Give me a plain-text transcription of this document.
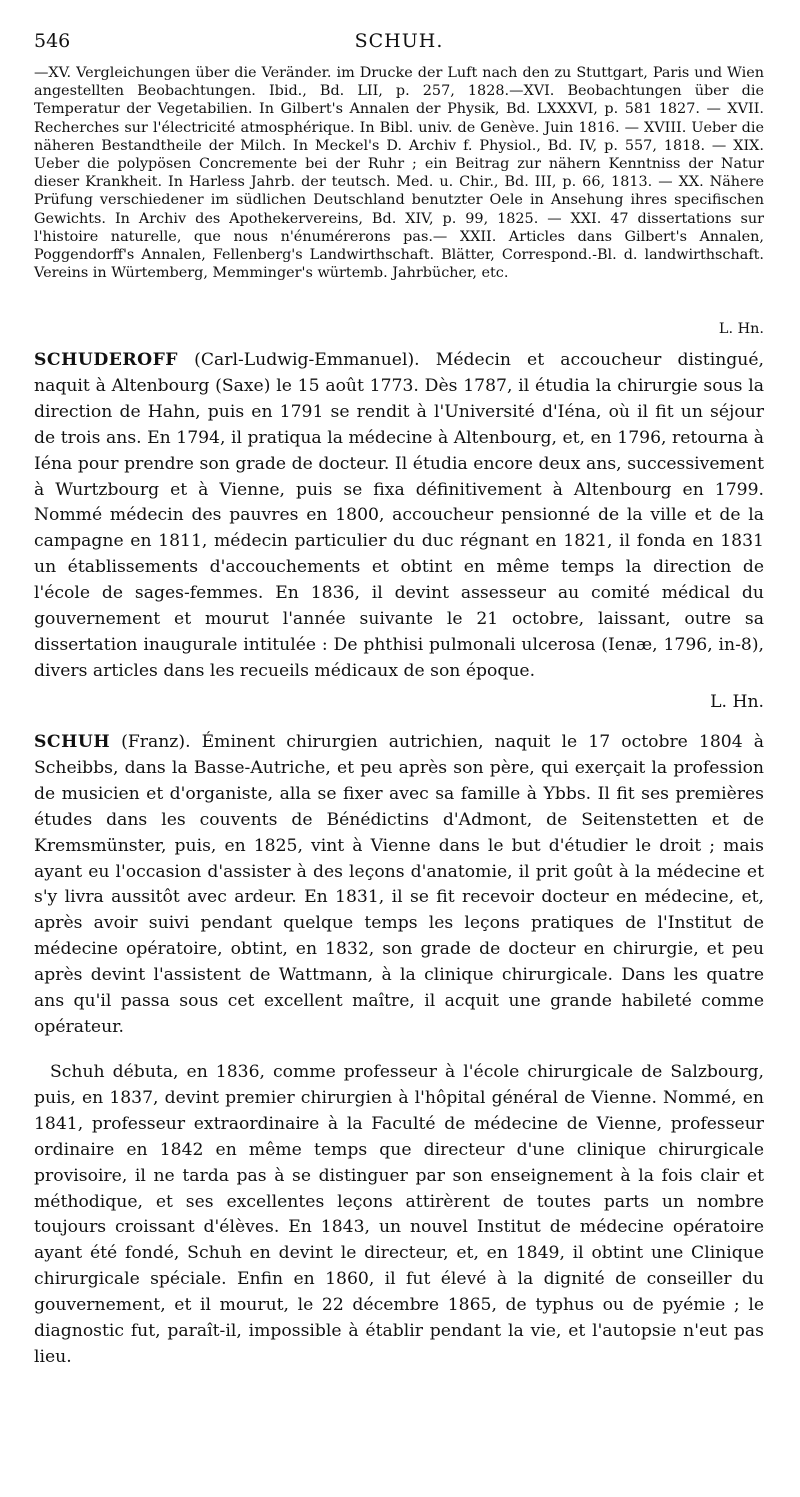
546	SCHUH.
—XV. Vergleichungen über die Veränder. im Drucke der Luft nach den zu Stuttgart, Paris und Wien angestellten Beobachtungen. Ibid., Bd. LII, p. 257, 1828.—XVI. Beobachtungen über die Temperatur der Vegetabilien. In Gilbert's Annalen der Physik, Bd. LXXXVI, p. 581 1827. — XVII. Recherches sur l'électricité atmosphérique. In Bibl. univ. de Genève. Juin 1816. — XVIII. Ueber die näheren Bestandtheile der Milch. In Meckel's D. Archiv f. Physiol., Bd. IV, p. 557, 1818. — XIX. Ueber die polypösen Concremente bei der Ruhr ; ein Beitrag zur nähern Kenntniss der Natur dieser Krankheit. In Harless Jahrb. der teutsch. Med. u. Chir., Bd. III, p. 66, 1813. — XX. Nähere Prüfung verschiedener im südlichen Deutschland benutzter Oele in Ansehung ihres specifischen Gewichts. In Archiv des Apothekervereins, Bd. XIV, p. 99, 1825. — XXI. 47 dissertations sur l'histoire naturelle, que nous n'énumérerons pas.— XXII. Articles dans Gilbert's Annalen, Poggendorff's Annalen, Fellenberg's Landwirthschaft. Blätter, Correspond.-Bl. d. landwirthschaft. Vereins in Würtemberg, Memminger's würtemb. Jahrbücher, etc.
L. Hn.
SCHUDEROFF (Carl-Ludwig-Emmanuel). Médecin et accoucheur distingué, naquit à Altenbourg (Saxe) le 15 août 1773. Dès 1787, il étudia la chirurgie sous la direction de Hahn, puis en 1791 se rendit à l'Université d'Iéna, où il fit un séjour de trois ans. En 1794, il pratiqua la médecine à Altenbourg, et, en 1796, retourna à Iéna pour prendre son grade de docteur. Il étudia encore deux ans, successivement à Wurtzbourg et à Vienne, puis se fixa définitivement à Altenbourg en 1799. Nommé médecin des pauvres en 1800, accoucheur pensionné de la ville et de la campagne en 1811, médecin particulier du duc régnant en 1821, il fonda en 1831 un établissements d'accouchements et obtint en même temps la direction de l'école de sages-femmes. En 1836, il devint assesseur au comité médical du gouvernement et mourut l'année suivante le 21 octobre, laissant, outre sa dissertation inaugurale intitulée : De phthisi pulmonali ulcerosa (Ienæ, 1796, in-8), divers articles dans les recueils médicaux de son époque.
L. Hn.
SCHUH (Franz). Éminent chirurgien autrichien, naquit le 17 octobre 1804 à Scheibbs, dans la Basse-Autriche, et peu après son père, qui exerçait la profession de musicien et d'organiste, alla se fixer avec sa famille à Ybbs. Il fit ses premières études dans les couvents de Bénédictins d'Admont, de Seitenstetten et de Kremsmünster, puis, en 1825, vint à Vienne dans le but d'étudier le droit ; mais ayant eu l'occasion d'assister à des leçons d'anatomie, il prit goût à la médecine et s'y livra aussitôt avec ardeur. En 1831, il se fit recevoir docteur en médecine, et, après avoir suivi pendant quelque temps les leçons pratiques de l'Institut de médecine opératoire, obtint, en 1832, son grade de docteur en chirurgie, et peu après devint l'assistent de Wattmann, à la clinique chirurgicale. Dans les quatre ans qu'il passa sous cet excellent maître, il acquit une grande habileté comme opérateur.
Schuh débuta, en 1836, comme professeur à l'école chirurgicale de Salzbourg, puis, en 1837, devint premier chirurgien à l'hôpital général de Vienne. Nommé, en 1841, professeur extraordinaire à la Faculté de médecine de Vienne, professeur ordinaire en 1842 en même temps que directeur d'une clinique chirurgicale provisoire, il ne tarda pas à se distinguer par son enseignement à la fois clair et méthodique, et ses excellentes leçons attirèrent de toutes parts un nombre toujours croissant d'élèves. En 1843, un nouvel Institut de médecine opératoire ayant été fondé, Schuh en devint le directeur, et, en 1849, il obtint une Clinique chirurgicale spéciale. Enfin en 1860, il fut élevé à la dignité de conseiller du gouvernement, et il mourut, le 22 décembre 1865, de typhus ou de pyémie ; le diagnostic fut, paraît-il, impossible à établir pendant la vie, et l'autopsie n'eut pas lieu.
